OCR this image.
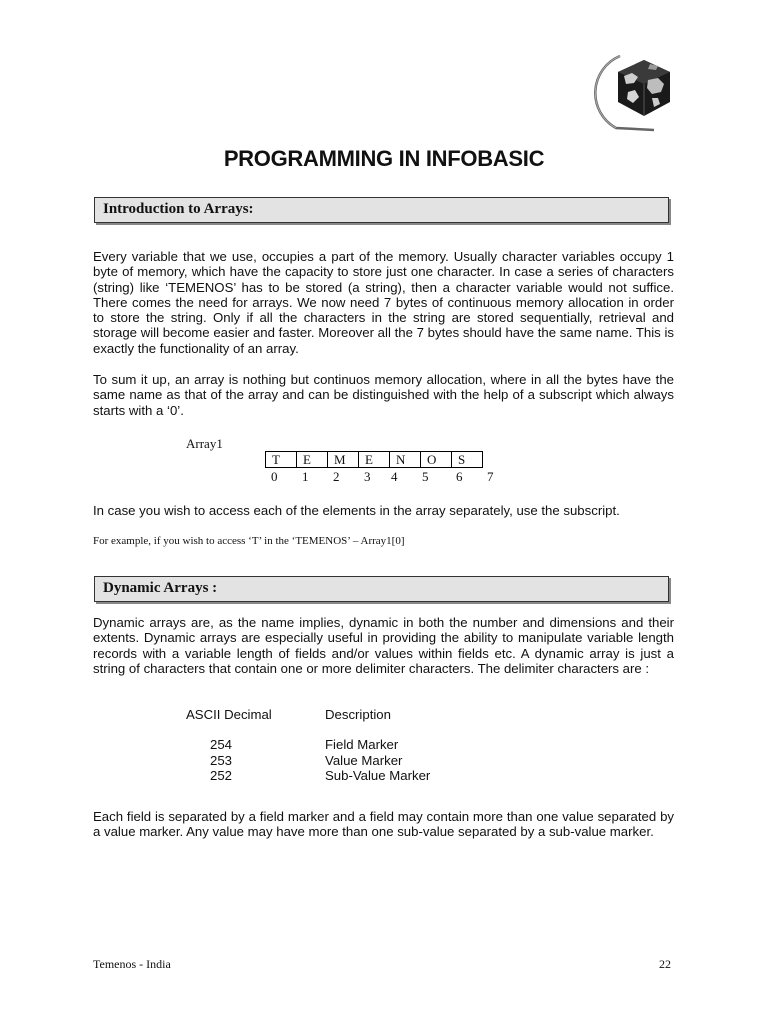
PROGRAMMING IN INFOBASIC
Introduction to Arrays:
Every variable that we use, occupies a part of the memory. Usually character variables occupy 1 byte of memory, which have the capacity to store just one character. In case a series of characters (string) like ‘TEMENOS’ has to be stored (a string), then a character variable would not suffice. There comes the need for arrays. We now need 7 bytes of continuous memory allocation in order to store the string. Only if all the characters in the string are stored sequentially, retrieval and storage will become easier and faster. Moreover all the 7 bytes should have the same name. This is exactly the functionality of an array.
To sum it up, an array is nothing but continuos memory allocation, where in all the bytes have the same name as that of the array and can be distinguished with the help of a subscript which always starts with a ‘0’.
Array1
T	E	M	E	N	O	S
0 1 2 3 4 5 6 7
In case you wish to access each of the elements in the array separately, use the subscript.
For example, if you wish to access ‘T’ in the ‘TEMENOS’ – Array1[0]
Dynamic Arrays :
Dynamic arrays are, as the name implies, dynamic in both the number and dimensions and their extents. Dynamic arrays are especially useful in providing the ability to manipulate variable length records with a variable length of fields and/or values within fields etc. A dynamic array is just a string of characters that contain one or more delimiter characters. The delimiter characters are :
ASCII Decimal	Description
254	Field Marker
253	Value Marker
252	Sub-Value Marker
Each field is separated by a field marker and a field may contain more than one value separated by a value marker. Any value may have more than one sub-value separated by a sub-value marker.
Temenos - India	22
